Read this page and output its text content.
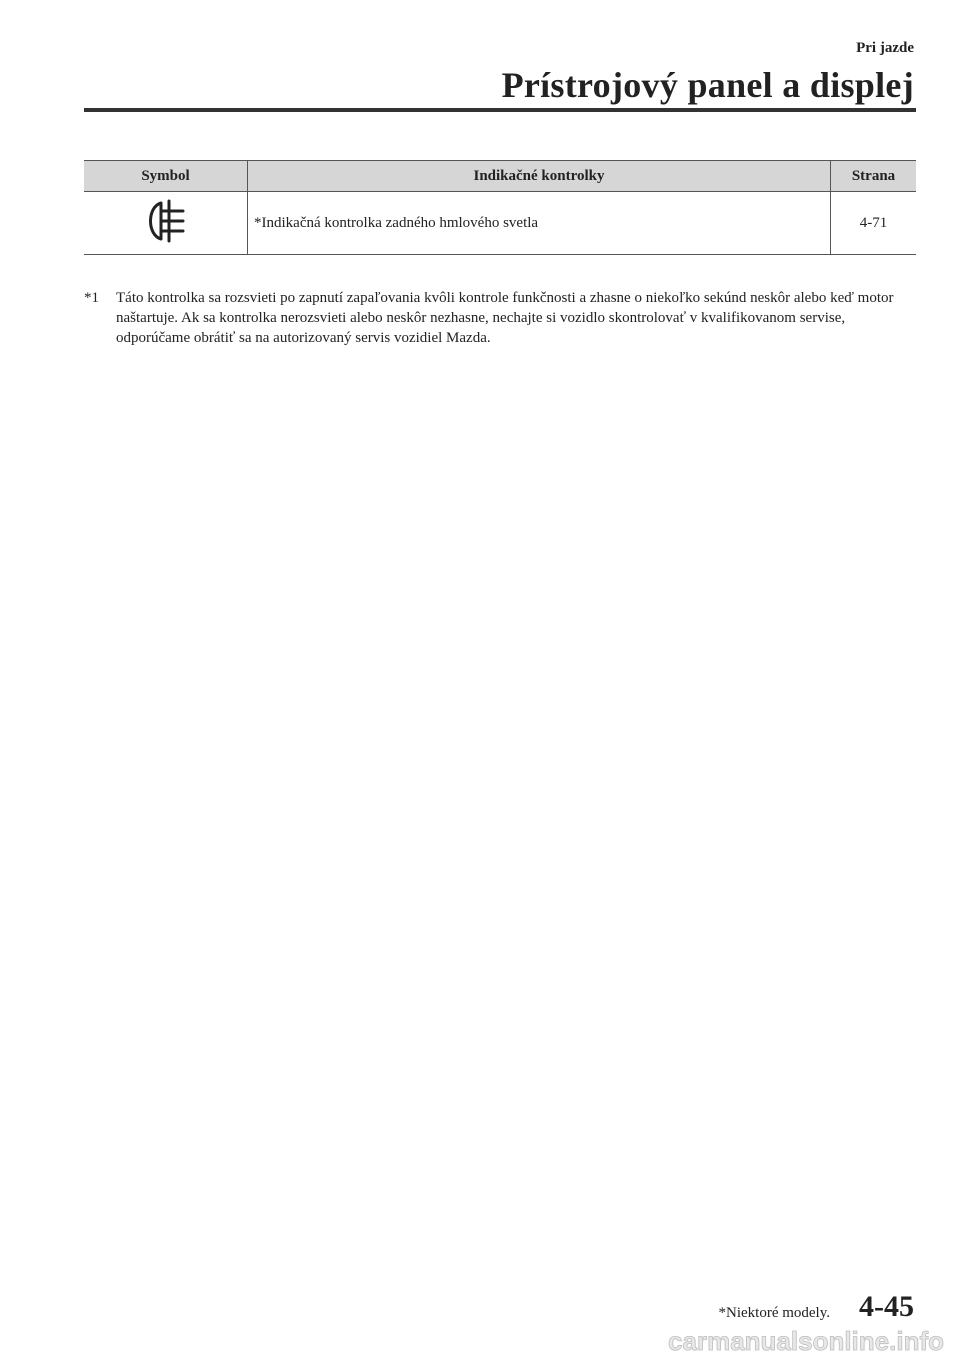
Pri jazde
Prístrojový panel a displej
Symbol	Indikačné kontrolky	Strana
	*Indikačná kontrolka zadného hmlového svetla	4-71
*1	Táto kontrolka sa rozsvieti po zapnutí zapaľovania kvôli kontrole funkčnosti a zhasne o niekoľko sekúnd neskôr alebo keď motor naštartuje. Ak sa kontrolka nerozsvieti alebo neskôr nezhasne, nechajte si vozidlo skontrolovať v kvalifikovanom servise, odporúčame obrátiť sa na autorizovaný servis vozidiel Mazda.
*Niektoré modely. 4-45
carmanualsonline.info
